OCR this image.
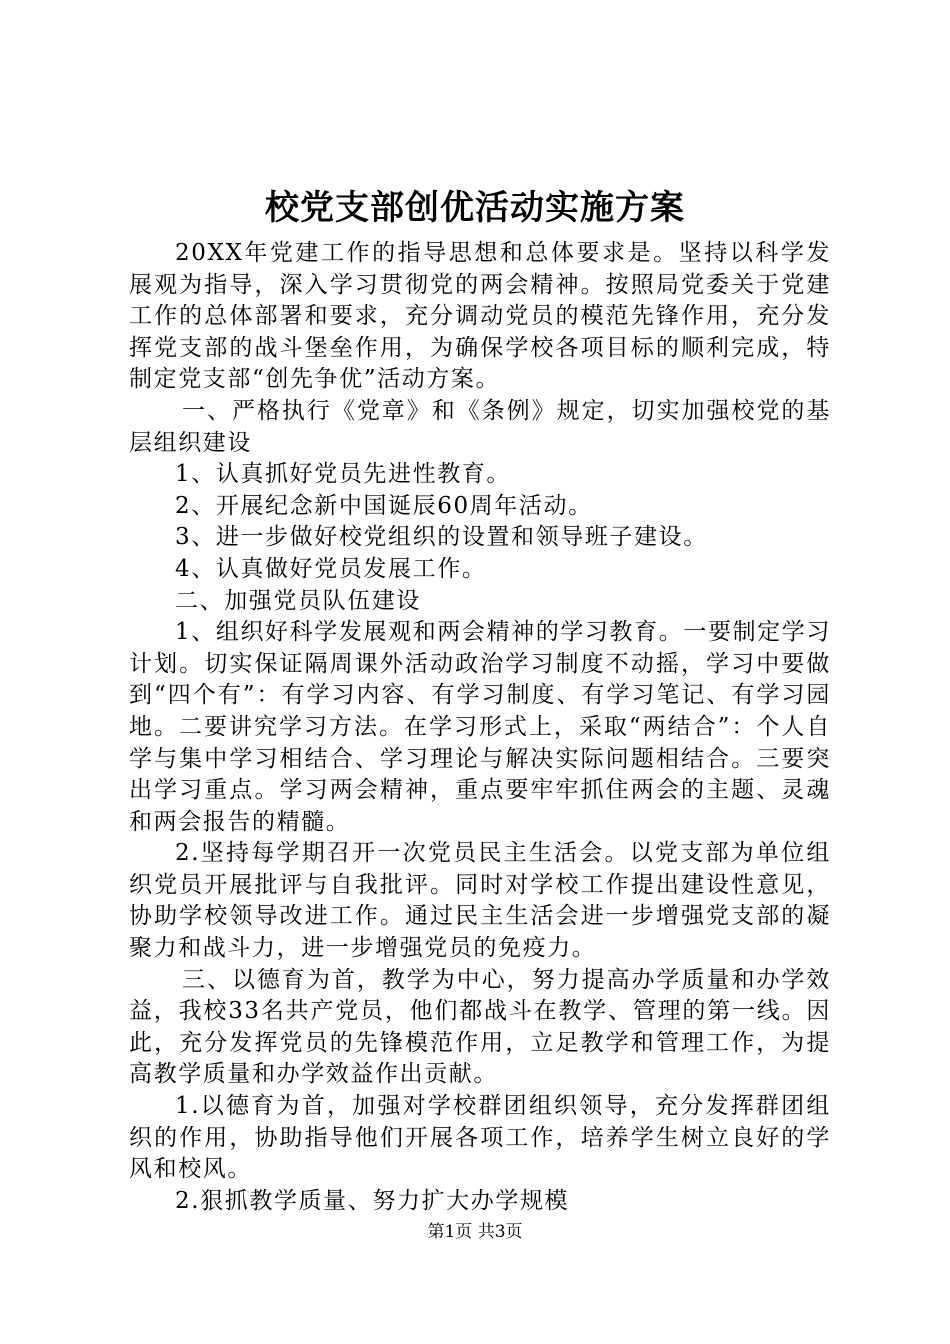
校党支部创优活动实施方案

20XX年党建工作的指导思想和总体要求是。坚持以科学发展观为指导，深入学习贯彻党的两会精神。按照局党委关于党建工作的总体部署和要求，充分调动党员的模范先锋作用，充分发挥党支部的战斗堡垒作用，为确保学校各项目标的顺利完成，特制定党支部“创先争优”活动方案。

一、严格执行《党章》和《条例》规定，切实加强校党的基层组织建设

1、认真抓好党员先进性教育。

2、开展纪念新中国诞辰60周年活动。

3、进一步做好校党组织的设置和领导班子建设。

4、认真做好党员发展工作。

二、加强党员队伍建设

1、组织好科学发展观和两会精神的学习教育。一要制定学习计划。切实保证隔周课外活动政治学习制度不动摇，学习中要做到“四个有”：有学习内容、有学习制度、有学习笔记、有学习园地。二要讲究学习方法。在学习形式上，采取“两结合”：个人自学与集中学习相结合、学习理论与解决实际问题相结合。三要突出学习重点。学习两会精神，重点要牢牢抓住两会的主题、灵魂和两会报告的精髓。

2.坚持每学期召开一次党员民主生活会。以党支部为单位组织党员开展批评与自我批评。同时对学校工作提出建设性意见，协助学校领导改进工作。通过民主生活会进一步增强党支部的凝聚力和战斗力，进一步增强党员的免疫力。

三、以德育为首，教学为中心，努力提高办学质量和办学效益，我校33名共产党员，他们都战斗在教学、管理的第一线。因此，充分发挥党员的先锋模范作用，立足教学和管理工作，为提高教学质量和办学效益作出贡献。

1.以德育为首，加强对学校群团组织领导，充分发挥群团组织的作用，协助指导他们开展各项工作，培养学生树立良好的学风和校风。

2.狠抓教学质量、努力扩大办学规模

第1页 共3页
